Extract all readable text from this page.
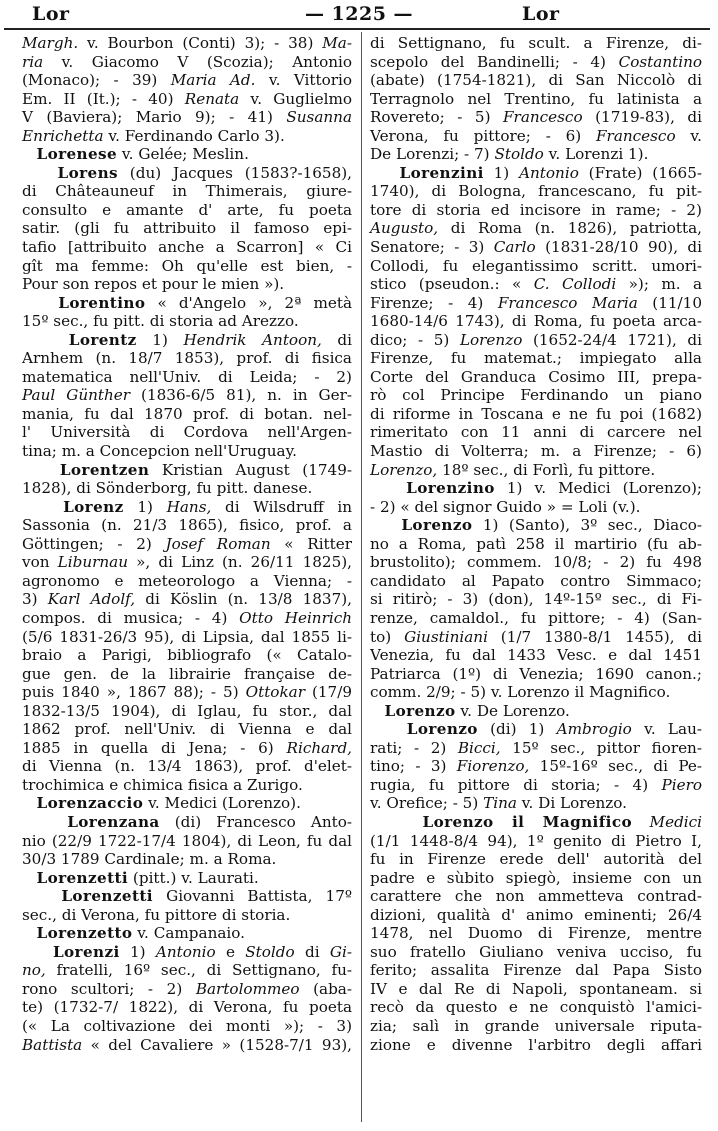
Lor	— 1225 —	Lor
Margh. v. Bourbon (Conti) 3); - 38) Ma-
ria v. Giacomo V (Scozia); Antonio
(Monaco); - 39) Maria Ad. v. Vittorio
Em. II (It.); - 40) Renata v. Guglielmo
V (Baviera); Mario 9); - 41) Susanna
Enrichetta v. Ferdinando Carlo 3).
Lorenese v. Gelée; Meslin.
Lorens (du) Jacques (1583?-1658),
di Châteauneuf in Thimerais, giure-
consulto e amante d' arte, fu poeta
satir. (gli fu attribuito il famoso epi-
tafio [attribuito anche a Scarron] « Ci
gît ma femme: Oh qu'elle est bien, -
Pour son repos et pour le mien »).
Lorentino « d'Angelo », 2ª metà
15º sec., fu pitt. di storia ad Arezzo.
Lorentz 1) Hendrik Antoon, di
Arnhem (n. 18/7 1853), prof. di fisica
matematica nell'Univ. di Leida; - 2)
Paul Günther (1836-6/5 81), n. in Ger-
mania, fu dal 1870 prof. di botan. nel-
l' Università di Cordova nell'Argen-
tina; m. a Concepcion nell'Uruguay.
Lorentzen Kristian August (1749-
1828), di Sönderborg, fu pitt. danese.
Lorenz 1) Hans, di Wilsdruff in
Sassonia (n. 21/3 1865), fisico, prof. a
Göttingen; - 2) Josef Roman « Ritter
von Liburnau », di Linz (n. 26/11 1825),
agronomo e meteorologo a Vienna; -
3) Karl Adolf, di Köslin (n. 13/8 1837),
compos. di musica; - 4) Otto Heinrich
(5/6 1831-26/3 95), di Lipsia, dal 1855 li-
braio a Parigi, bibliografo (« Catalo-
gue gen. de la librairie française de-
puis 1840 », 1867 88); - 5) Ottokar (17/9
1832-13/5 1904), di Iglau, fu stor., dal
1862 prof. nell'Univ. di Vienna e dal
1885 in quella di Jena; - 6) Richard,
di Vienna (n. 13/4 1863), prof. d'elet-
trochimica e chimica fisica a Zurigo.
Lorenzaccio v. Medici (Lorenzo).
Lorenzana (di) Francesco Anto-
nio (22/9 1722-17/4 1804), di Leon, fu dal
30/3 1789 Cardinale; m. a Roma.
Lorenzetti (pitt.) v. Laurati.
Lorenzetti Giovanni Battista, 17º
sec., di Verona, fu pittore di storia.
Lorenzetto v. Campanaio.
Lorenzi 1) Antonio e Stoldo di Gi-
no, fratelli, 16º sec., di Settignano, fu-
rono scultori; - 2) Bartolommeo (aba-
te) (1732-7/ 1822), di Verona, fu poeta
(« La coltivazione dei monti »); - 3)
Battista « del Cavaliere » (1528-7/1 93),
di Settignano, fu scult. a Firenze, di-
scepolo del Bandinelli; - 4) Costantino
(abate) (1754-1821), di San Niccolò di
Terragnolo nel Trentino, fu latinista a
Rovereto; - 5) Francesco (1719-83), di
Verona, fu pittore; - 6) Francesco v.
De Lorenzi; - 7) Stoldo v. Lorenzi 1).
Lorenzini 1) Antonio (Frate) (1665-
1740), di Bologna, francescano, fu pit-
tore di storia ed incisore in rame; - 2)
Augusto, di Roma (n. 1826), patriotta,
Senatore; - 3) Carlo (1831-28/10 90), di
Collodi, fu elegantissimo scritt. umori-
stico (pseudon.: « C. Collodi »); m. a
Firenze; - 4) Francesco Maria (11/10
1680-14/6 1743), di Roma, fu poeta arca-
dico; - 5) Lorenzo (1652-24/4 1721), di
Firenze, fu matemat.; impiegato alla
Corte del Granduca Cosimo III, prepa-
rò col Principe Ferdinando un piano
di riforme in Toscana e ne fu poi (1682)
rimeritato con 11 anni di carcere nel
Mastio di Volterra; m. a Firenze; - 6)
Lorenzo, 18º sec., di Forlì, fu pittore.
Lorenzino 1) v. Medici (Lorenzo);
- 2) « del signor Guido » = Loli (v.).
Lorenzo 1) (Santo), 3º sec., Diaco-
no a Roma, patì 258 il martirio (fu ab-
brustolito); commem. 10/8; - 2) fu 498
candidato al Papato contro Simmaco;
si ritirò; - 3) (don), 14º-15º sec., di Fi-
renze, camaldol., fu pittore; - 4) (San-
to) Giustiniani (1/7 1380-8/1 1455), di
Venezia, fu dal 1433 Vesc. e dal 1451
Patriarca (1º) di Venezia; 1690 canon.;
comm. 2/9; - 5) v. Lorenzo il Magnifico.
Lorenzo v. De Lorenzo.
Lorenzo (di) 1) Ambrogio v. Lau-
rati; - 2) Bicci, 15º sec., pittor fioren-
tino; - 3) Fiorenzo, 15º-16º sec., di Pe-
rugia, fu pittore di storia; - 4) Piero
v. Orefice; - 5) Tina v. Di Lorenzo.
Lorenzo il Magnifico Medici
(1/1 1448-8/4 94), 1º genito di Pietro I,
fu in Firenze erede dell' autorità del
padre e sùbito spiegò, insieme con un
carattere che non ammetteva contrad-
dizioni, qualità d' animo eminenti; 26/4
1478, nel Duomo di Firenze, mentre
suo fratello Giuliano veniva ucciso, fu
ferito; assalita Firenze dal Papa Sisto
IV e dal Re di Napoli, spontaneam. si
recò da questo e ne conquistò l'amici-
zia; salì in grande universale riputa-
zione e divenne l'arbitro degli affari
